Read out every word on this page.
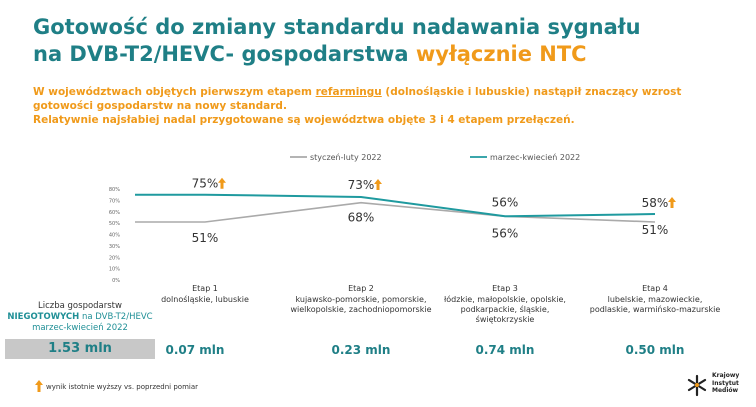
Gotowość do zmiany standardu nadawania sygnału
na DVB-T2/HEVC- gospodarstwa wyłącznie NTC
W województwach objętych pierwszym etapem refarmingu (dolnośląskie i lubuskie) nastąpił znaczący wzrost gotowości gospodarstw na nowy standard.
Relatywnie najsłabiej nadal przygotowane są województwa objęte 3 i 4 etapem przełączeń.
0%
10%
20%
30%
40%
50%
60%
70%
80%
styczeń-luty 2022	marzec-kwiecień 2022
51%
68%
56%	51%
75%	73%
56%	58%
Etap 1
dolnośląskie, lubuskie
0.07 mln
Etap 2
kujawsko-pomorskie, pomorskie,
wielkopolskie, zachodniopomorskie
0.23 mln
Etap 3
łódzkie, małopolskie, opolskie,
podkarpackie, śląskie,
świętokrzyskie
0.74 mln
Etap 4
lubelskie, mazowieckie,
podlaskie, warmińsko-mazurskie
0.50 mln
Liczba gospodarstw
NIEGOTOWYCH na DVB-T2/HEVC
marzec-kwiecień 2022
1.53 mln
wynik istotnie wyższy vs. poprzedni pomiar
Krajowy
Instytut
Mediów
